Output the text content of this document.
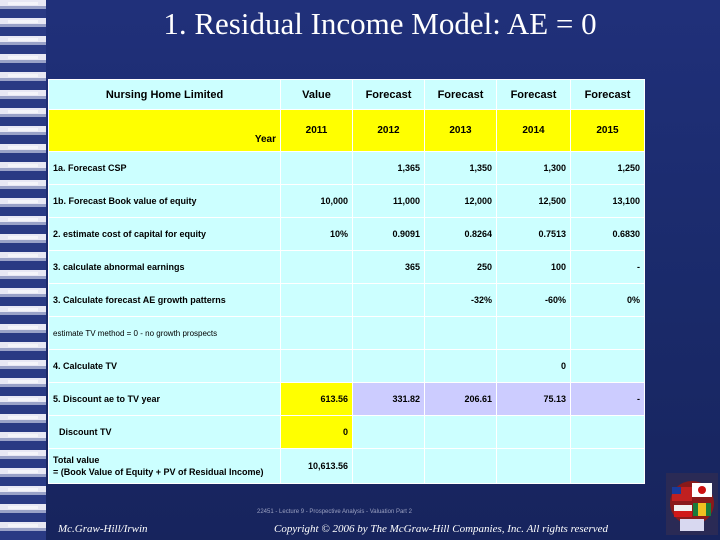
1. Residual Income Model: AE = 0
Nursing Home Limited	Value	Forecast	Forecast	Forecast	Forecast
Year	2011	2012	2013	2014	2015
1a. Forecast CSP		1,365	1,350	1,300	1,250
1b. Forecast Book value of equity	10,000	11,000	12,000	12,500	13,100
2. estimate cost of capital for equity	10%	0.9091	0.8264	0.7513	0.6830
3. calculate abnormal earnings		365	250	100	-
3. Calculate forecast AE growth patterns			-32%	-60%	0%
estimate TV method = 0 - no growth prospects					
4. Calculate TV				0	
5. Discount ae to TV year	613.56	331.82	206.61	75.13	-
Discount TV	0				
Total value
= (Book Value of Equity + PV of Residual Income)	10,613.56				
22451 - Lecture 9 - Prospective Analysis - Valuation Part 2
Mc.Graw-Hill/Irwin	Copyright © 2006 by The McGraw-Hill Companies, Inc. All rights reserved
